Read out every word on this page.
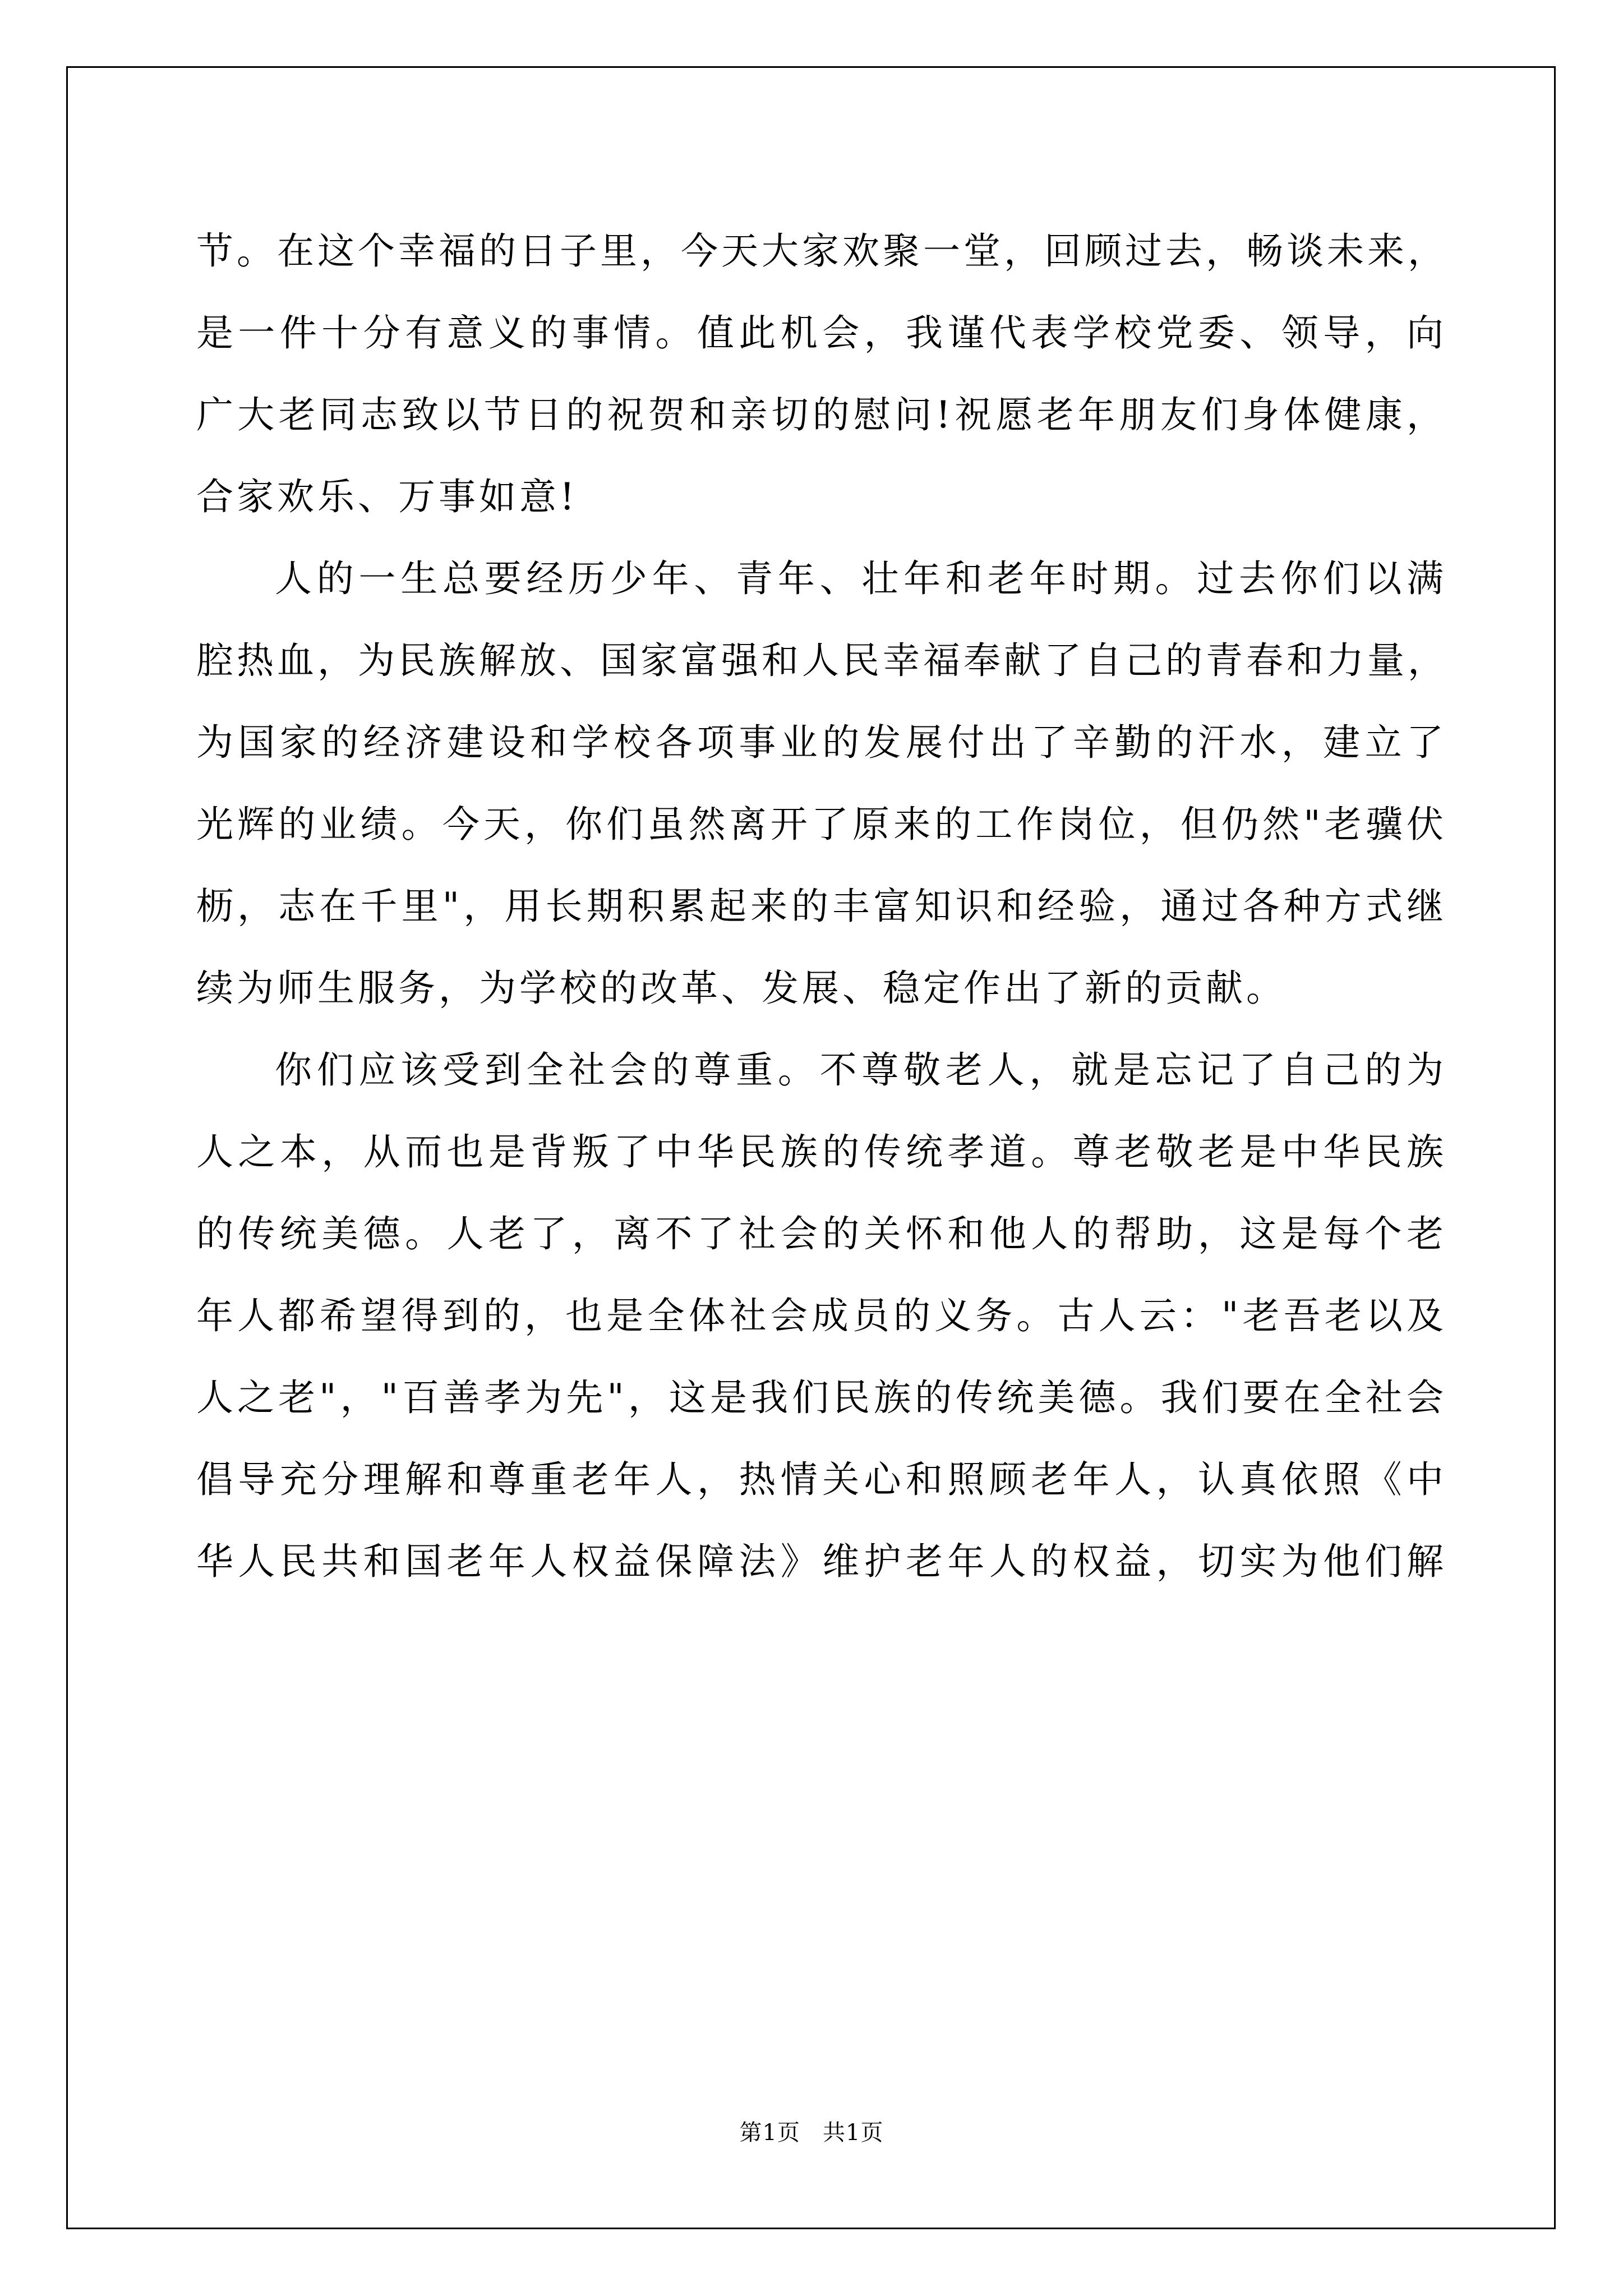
节。在这个幸福的日子里，今天大家欢聚一堂，回顾过去，畅谈未来，
是一件十分有意义的事情。值此机会，我谨代表学校党委、领导，向
广大老同志致以节日的祝贺和亲切的慰问!祝愿老年朋友们身体健康，
合家欢乐、万事如意!
人的一生总要经历少年、青年、壮年和老年时期。过去你们以满
腔热血，为民族解放、国家富强和人民幸福奉献了自己的青春和力量，
为国家的经济建设和学校各项事业的发展付出了辛勤的汗水，建立了
光辉的业绩。今天，你们虽然离开了原来的工作岗位，但仍然"老骥伏
枥，志在千里"，用长期积累起来的丰富知识和经验，通过各种方式继
续为师生服务，为学校的改革、发展、稳定作出了新的贡献。
你们应该受到全社会的尊重。不尊敬老人，就是忘记了自己的为
人之本，从而也是背叛了中华民族的传统孝道。尊老敬老是中华民族
的传统美德。人老了，离不了社会的关怀和他人的帮助，这是每个老
年人都希望得到的，也是全体社会成员的义务。古人云："老吾老以及
人之老"，"百善孝为先"，这是我们民族的传统美德。我们要在全社会
倡导充分理解和尊重老年人，热情关心和照顾老年人，认真依照《中
华人民共和国老年人权益保障法》维护老年人的权益，切实为他们解
第1页 共1页
